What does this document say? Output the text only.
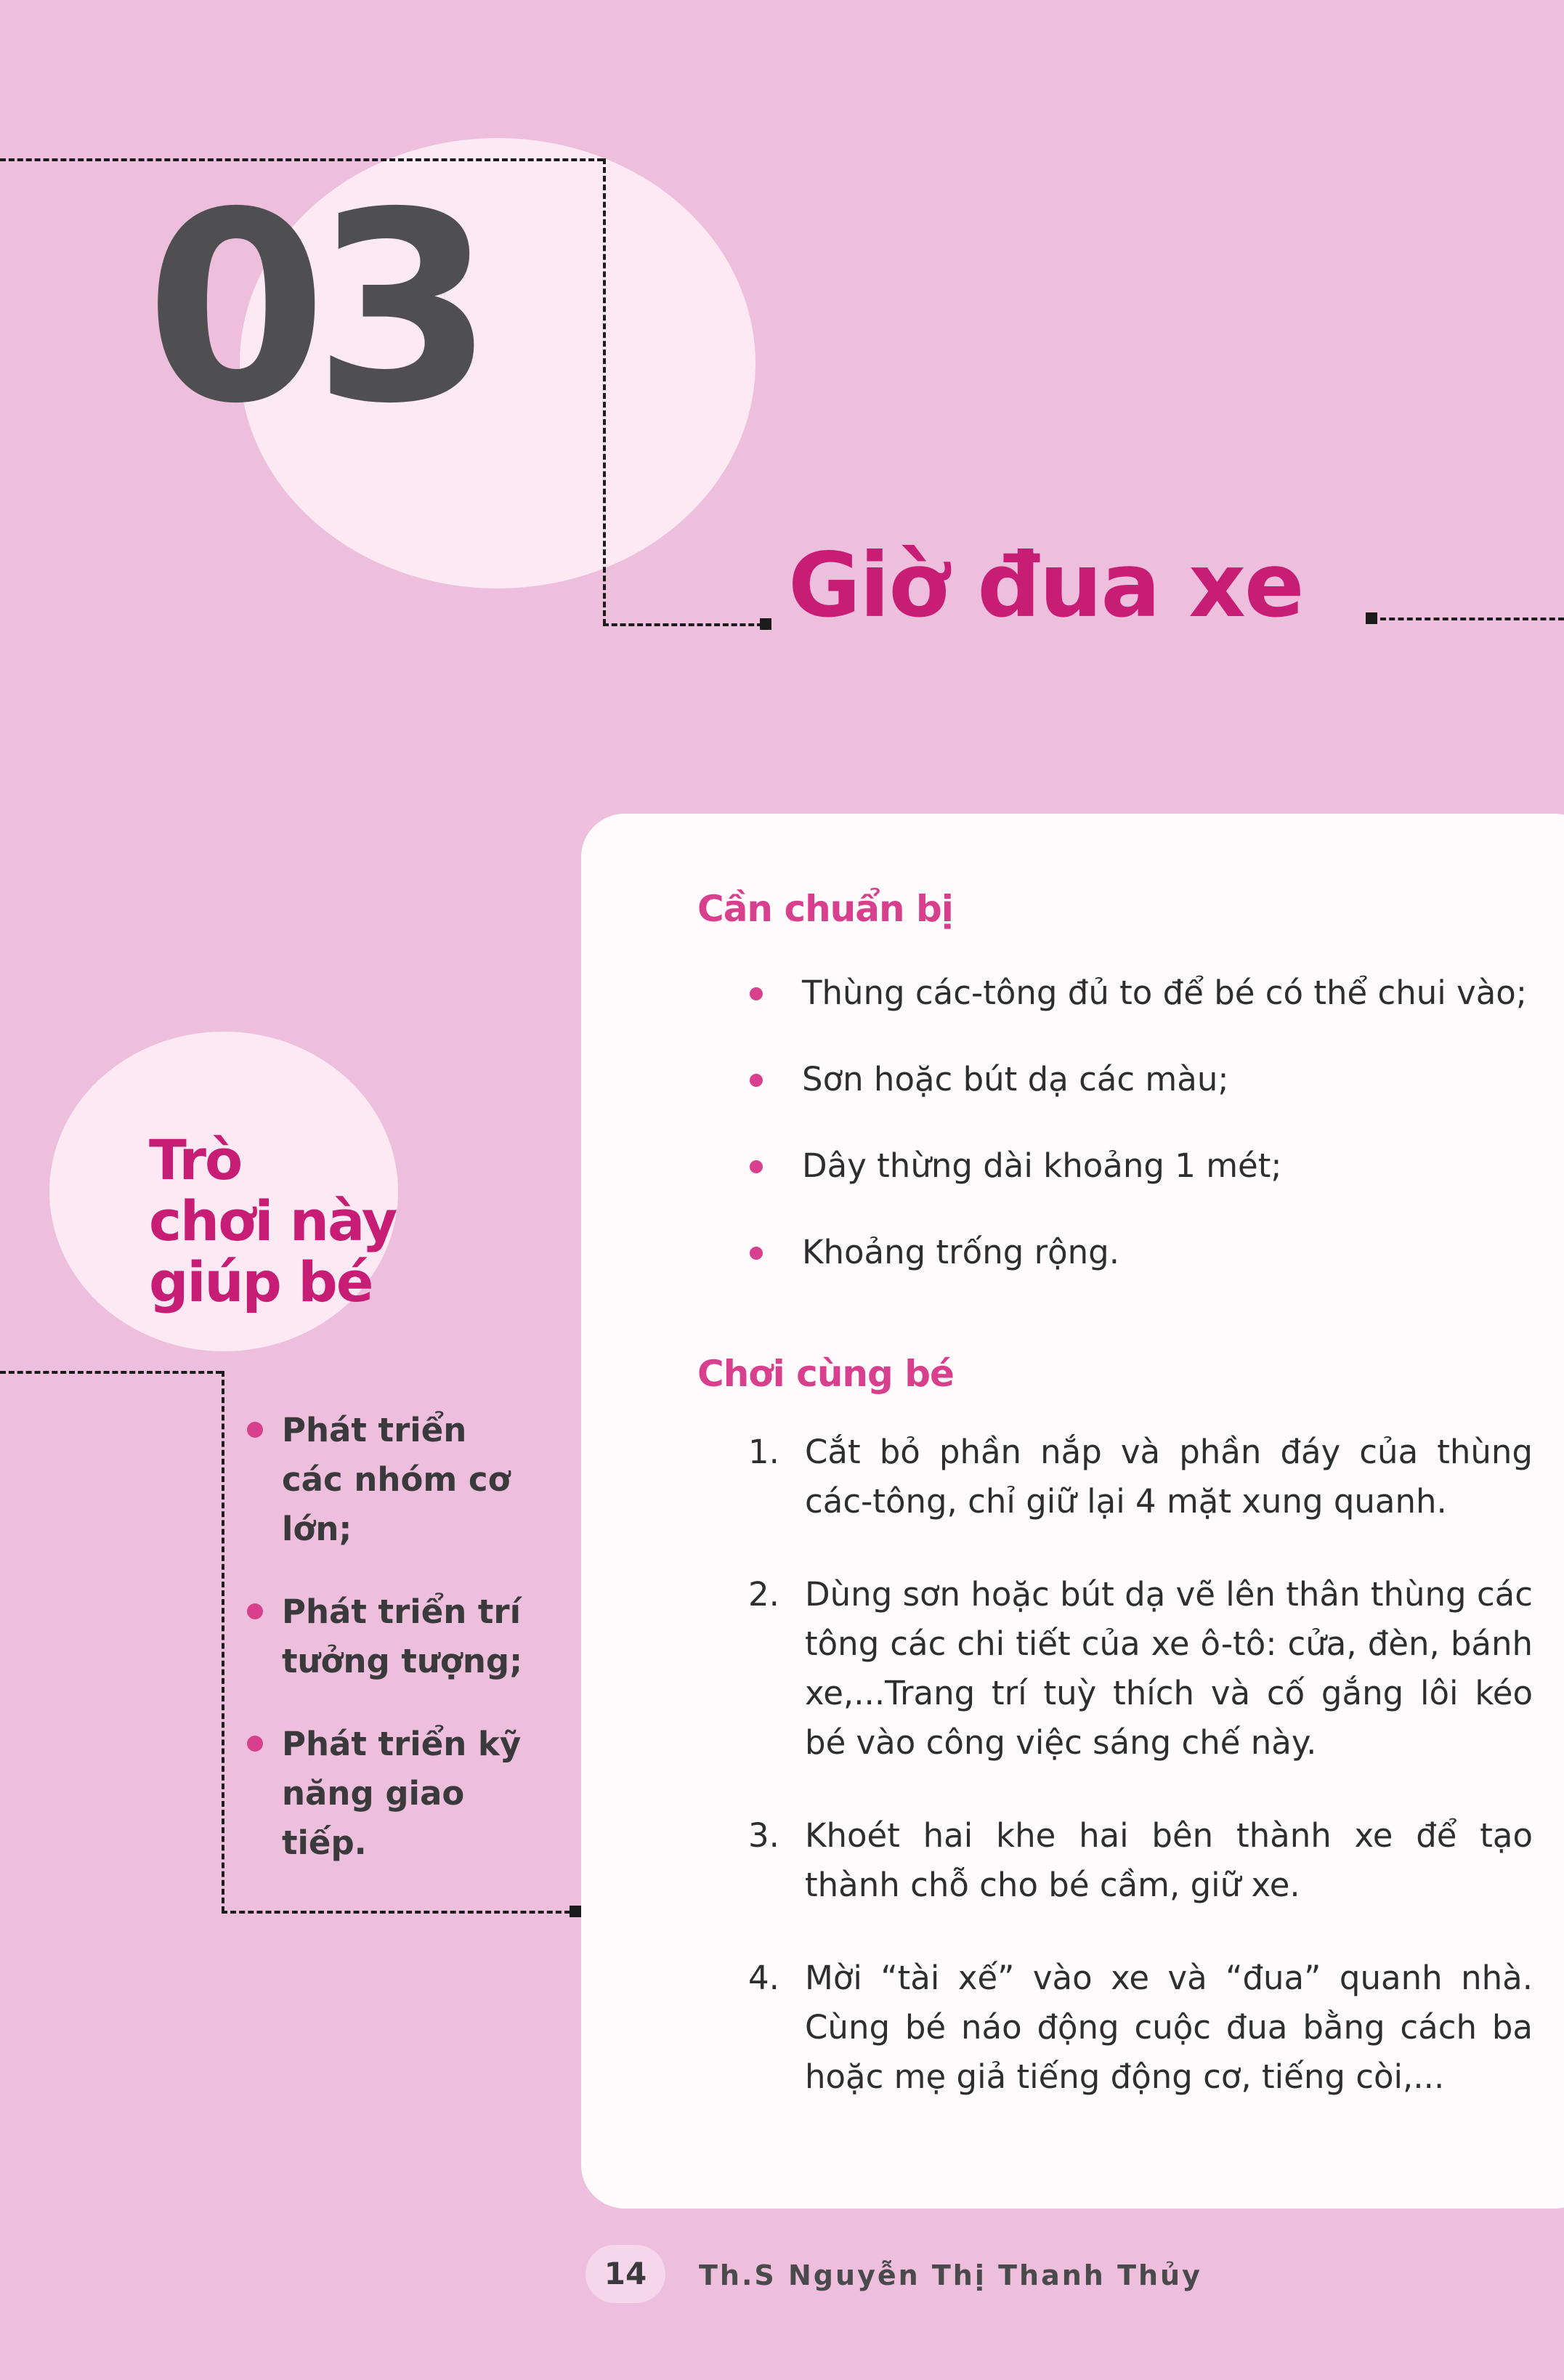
03
Giờ đua xe
Trò
chơi này
giúp bé
Phát triển các nhóm cơ lớn;
Phát triển trí tưởng tượng;
Phát triển kỹ năng giao tiếp.
Cần chuẩn bị
Thùng các-tông đủ to để bé có thể chui vào;
Sơn hoặc bút dạ các màu;
Dây thừng dài khoảng 1 mét;
Khoảng trống rộng.
Chơi cùng bé
1. Cắt bỏ phần nắp và phần đáy của thùng các-tông, chỉ giữ lại 4 mặt xung quanh.
2. Dùng sơn hoặc bút dạ vẽ lên thân thùng các tông các chi tiết của xe ô-tô: cửa, đèn, bánh xe,...Trang trí tuỳ thích và cố gắng lôi kéo bé vào công việc sáng chế này.
3. Khoét hai khe hai bên thành xe để tạo thành chỗ cho bé cầm, giữ xe.
4. Mời “tài xế” vào xe và “đua” quanh nhà. Cùng bé náo động cuộc đua bằng cách ba hoặc mẹ giả tiếng động cơ, tiếng còi,...
14	Th.S Nguyễn Thị Thanh Thủy
